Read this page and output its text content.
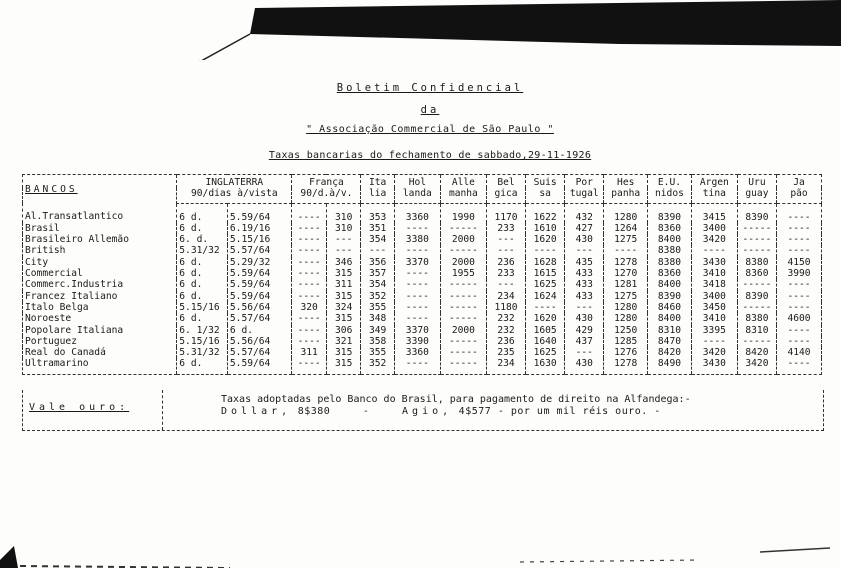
Boletim Confidencial
da
" Associação Commercial de São Paulo "
Taxas bancarias do fechamento de sabbado,29-11-1926
BANCOS	INGLATERRA		França		Ita	Hol	Alle	Bel	Suis	Por	Hes	E.U.	Argen	Uru	Ja
	90/dias à/vista		90/d.à/v.		lia	landa	manha	gica	sa	tugal	panha	nidos	tina	guay	pão
Al.Transatlantico	6 d.	5.59/64	----	310	353	3360	1990	1170	1622	432	1280	8390	3415	8390	----
Brasil	6 d.	6.19/16	----	310	351	----	-----	233	1610	427	1264	8360	3400	-----	----
Brasileiro Allemão	6. d.	5.15/16	----	---	354	3380	2000	---	1620	430	1275	8400	3420	-----	----
British	5.31/32	5.57/64	----	---	---	----	-----	---	----	---	----	8380	----	-----	----
City	6 d.	5.29/32	----	346	356	3370	2000	236	1628	435	1278	8380	3430	8380	4150
Commercial	6 d.	5.59/64	----	315	357	----	1955	233	1615	433	1270	8360	3410	8360	3990
Commerc.Industria	6 d.	5.59/64	----	311	354	----	-----	---	1625	433	1281	8400	3418	-----	----
Francez Italiano	6 d.	5.59/64	----	315	352	----	-----	234	1624	433	1275	8390	3400	8390	----
Italo Belga	5.15/16	5.56/64	320	324	355	----	-----	1180	----	---	1280	8460	3450	-----	----
Noroeste	6 d.	5.57/64	----	315	348	----	-----	232	1620	430	1280	8400	3410	8380	4600
Popolare Italiana	6. 1/32	6 d.	----	306	349	3370	2000	232	1605	429	1250	8310	3395	8310	----
Portuguez	5.15/16	5.56/64	----	321	358	3390	-----	236	1640	437	1285	8470	----	-----	----
Real do Canadá	5.31/32	5.57/64	311	315	355	3360	-----	235	1625	---	1276	8420	3420	8420	4140
Ultramarino	6 d.	5.59/64	----	315	352	----	-----	234	1630	430	1278	8490	3430	3420	----
Vale ouro:
Taxas adoptadas pelo Banco do Brasil, para pagamento de direito na Alfandega:-
Dollar, 8$380     -     Agio, 4$577 - por um mil réis ouro. -
